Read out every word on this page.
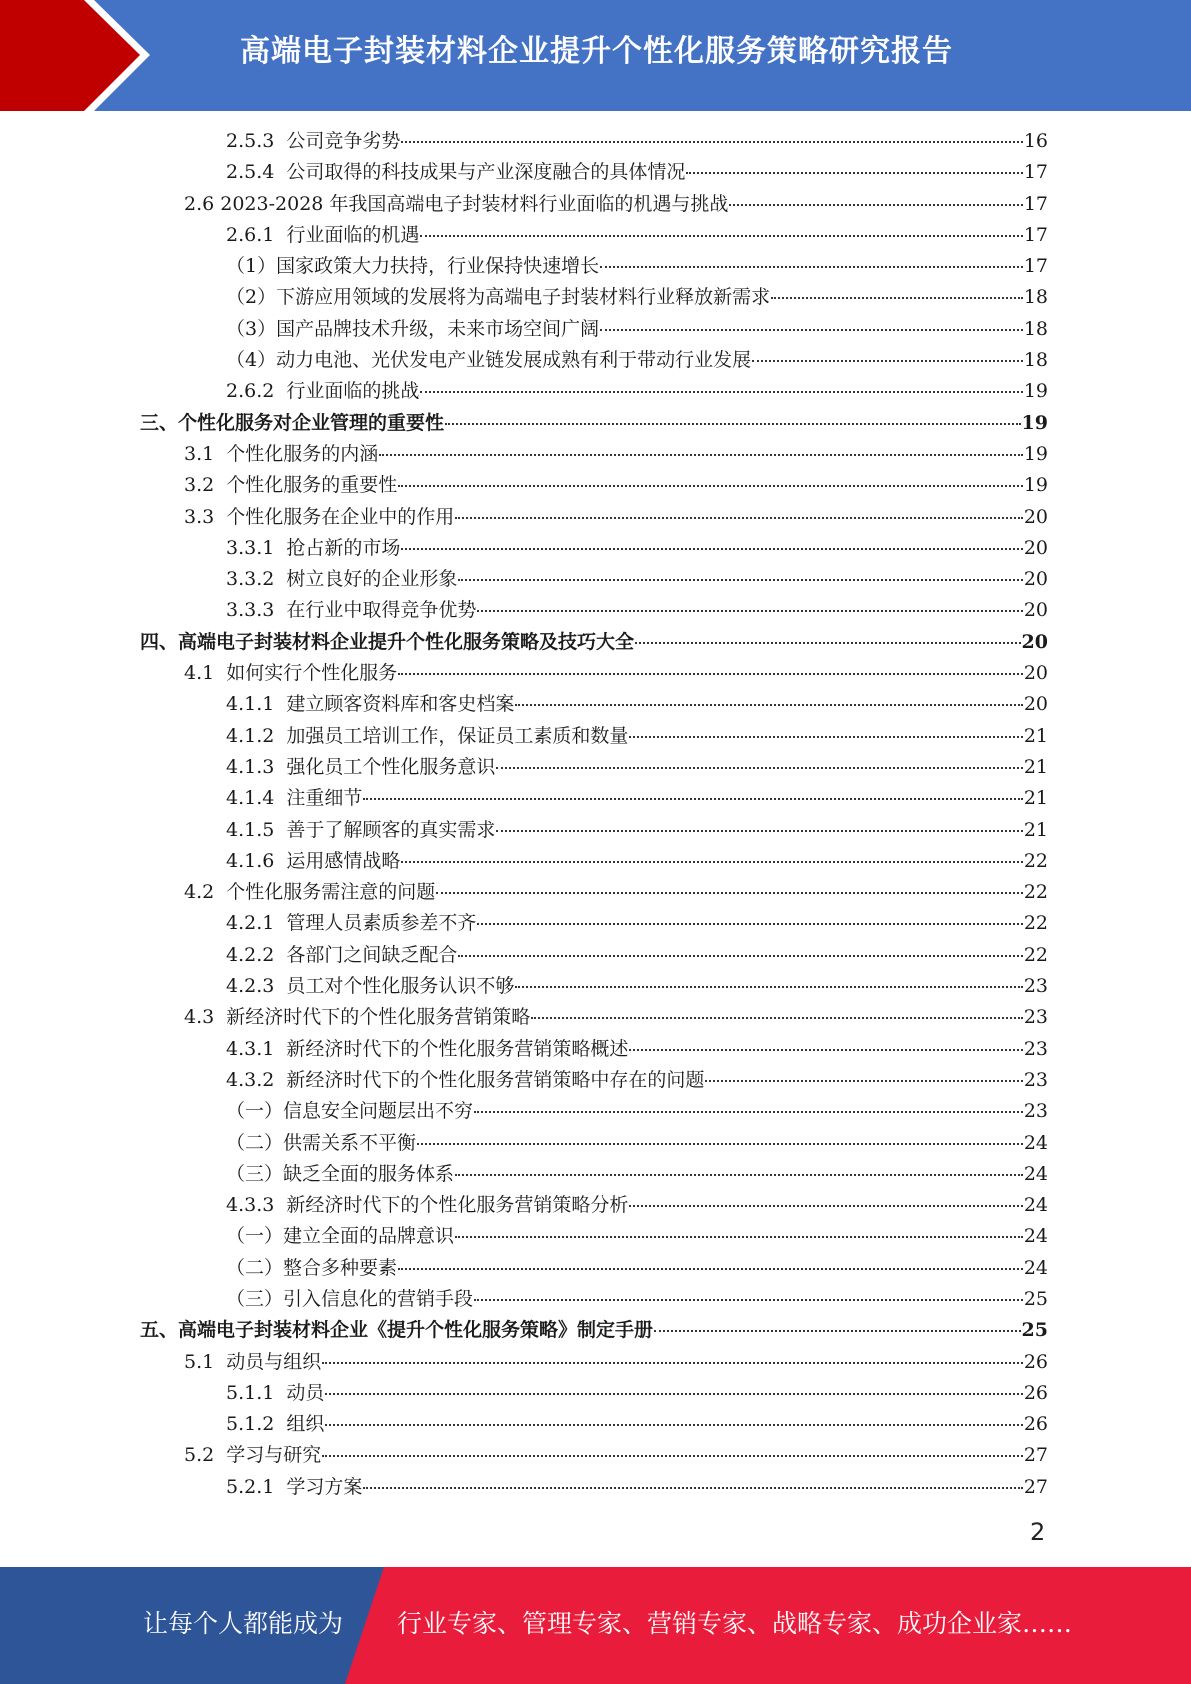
高端电子封装材料企业提升个性化服务策略研究报告
2.5.3 公司竞争劣势	16
2.5.4 公司取得的科技成果与产业深度融合的具体情况	17
2.6 2023-2028 年我国高端电子封装材料行业面临的机遇与挑战	17
2.6.1 行业面临的机遇	17
（1）国家政策大力扶持，行业保持快速增长	17
（2）下游应用领域的发展将为高端电子封装材料行业释放新需求	18
（3）国产品牌技术升级，未来市场空间广阔	18
（4）动力电池、光伏发电产业链发展成熟有利于带动行业发展	18
2.6.2 行业面临的挑战	19
三、个性化服务对企业管理的重要性	19
3.1 个性化服务的内涵	19
3.2 个性化服务的重要性	19
3.3 个性化服务在企业中的作用	20
3.3.1 抢占新的市场	20
3.3.2 树立良好的企业形象	20
3.3.3 在行业中取得竞争优势	20
四、高端电子封装材料企业提升个性化服务策略及技巧大全	20
4.1 如何实行个性化服务	20
4.1.1 建立顾客资料库和客史档案	20
4.1.2 加强员工培训工作，保证员工素质和数量	21
4.1.3 强化员工个性化服务意识	21
4.1.4 注重细节	21
4.1.5 善于了解顾客的真实需求	21
4.1.6 运用感情战略	22
4.2 个性化服务需注意的问题	22
4.2.1 管理人员素质参差不齐	22
4.2.2 各部门之间缺乏配合	22
4.2.3 员工对个性化服务认识不够	23
4.3 新经济时代下的个性化服务营销策略	23
4.3.1 新经济时代下的个性化服务营销策略概述	23
4.3.2 新经济时代下的个性化服务营销策略中存在的问题	23
（一）信息安全问题层出不穷	23
（二）供需关系不平衡	24
（三）缺乏全面的服务体系	24
4.3.3 新经济时代下的个性化服务营销策略分析	24
（一）建立全面的品牌意识	24
（二）整合多种要素	24
（三）引入信息化的营销手段	25
五、高端电子封装材料企业《提升个性化服务策略》制定手册	25
5.1 动员与组织	26
5.1.1 动员	26
5.1.2 组织	26
5.2 学习与研究	27
5.2.1 学习方案	27
2
让每个人都能成为 行业专家、管理专家、营销专家、战略专家、成功企业家……
